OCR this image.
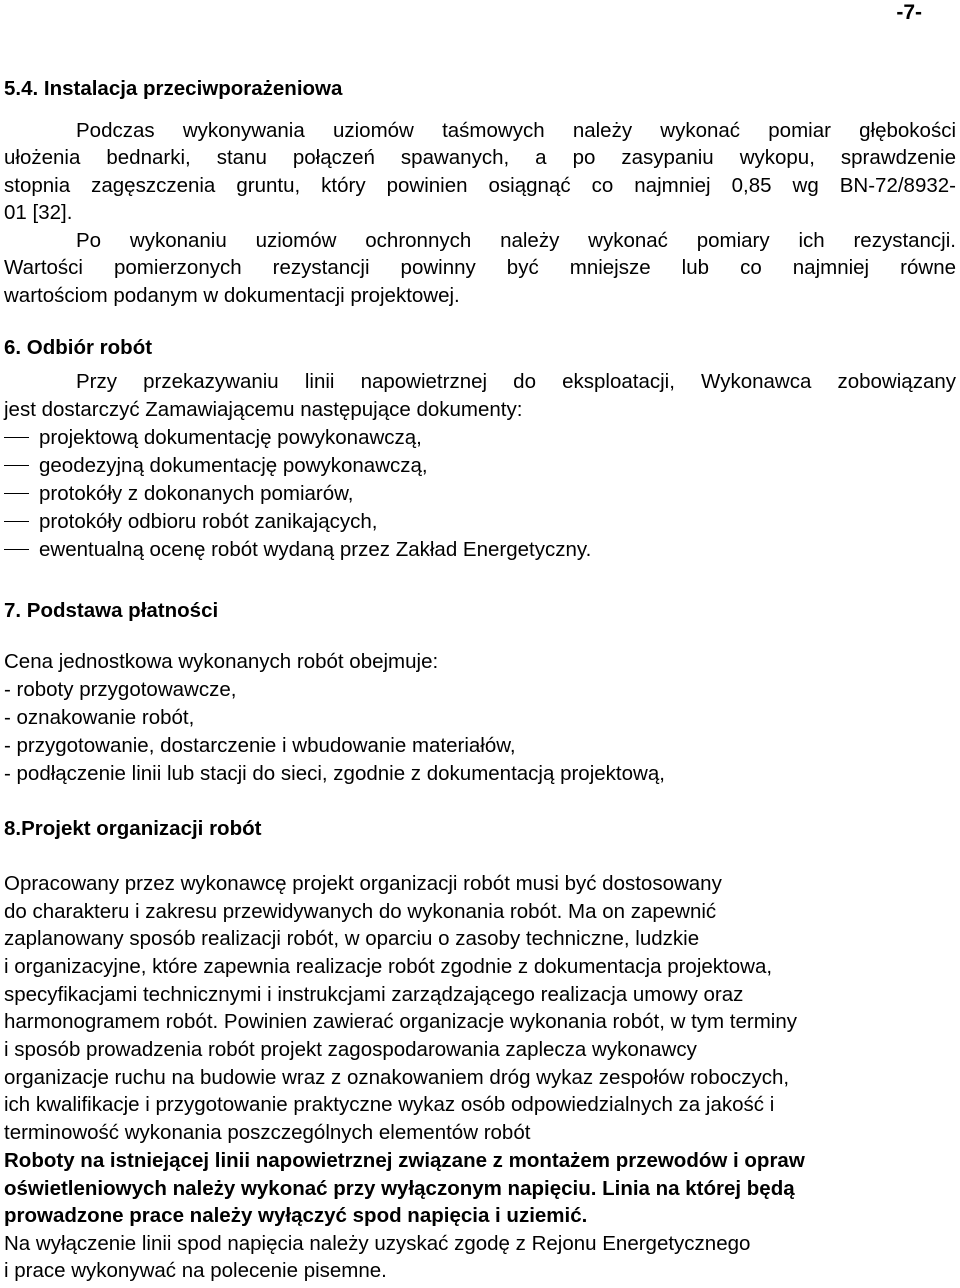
-7-
5.4. Instalacja przeciwporażeniowa
Podczas wykonywania uziomów taśmowych należy wykonać pomiar głębokości
ułożenia bednarki, stanu połączeń spawanych, a po zasypaniu wykopu, sprawdzenie
stopnia zagęszczenia gruntu, który powinien osiągnąć co najmniej 0,85 wg BN-72/8932-
01 [32].
Po wykonaniu uziomów ochronnych należy wykonać pomiary ich rezystancji.
Wartości pomierzonych rezystancji powinny być mniejsze lub co najmniej równe
wartościom podanym w dokumentacji projektowej.
6. Odbiór robót
Przy przekazywaniu linii napowietrznej do eksploatacji, Wykonawca zobowiązany
jest dostarczyć Zamawiającemu następujące dokumenty:
projektową dokumentację powykonawczą,
geodezyjną dokumentację powykonawczą,
protokóły z dokonanych pomiarów,
protokóły odbioru robót zanikających,
ewentualną ocenę robót wydaną przez Zakład Energetyczny.
7. Podstawa płatności
Cena jednostkowa wykonanych robót obejmuje:
- roboty przygotowawcze,
- oznakowanie robót,
- przygotowanie, dostarczenie i wbudowanie materiałów,
- podłączenie linii lub stacji do sieci, zgodnie z dokumentacją projektową,
8.Projekt organizacji robót
Opracowany przez wykonawcę projekt organizacji robót musi być dostosowany
do charakteru i zakresu przewidywanych do wykonania robót. Ma on zapewnić
zaplanowany sposób realizacji robót, w oparciu o zasoby techniczne, ludzkie
i organizacyjne, które zapewnia realizacje robót zgodnie z dokumentacja projektowa,
specyfikacjami technicznymi i instrukcjami zarządzającego realizacja umowy oraz
harmonogramem robót. Powinien zawierać organizacje wykonania robót, w tym terminy
i sposób prowadzenia robót projekt zagospodarowania zaplecza wykonawcy
organizacje ruchu na budowie wraz z oznakowaniem dróg wykaz zespołów roboczych,
ich kwalifikacje i przygotowanie praktyczne wykaz osób odpowiedzialnych za jakość i
terminowość wykonania poszczególnych elementów robót
Roboty na istniejącej linii napowietrznej związane z montażem przewodów i opraw
oświetleniowych należy wykonać przy wyłączonym napięciu. Linia na której będą
prowadzone prace należy wyłączyć spod napięcia i uziemić.
Na wyłączenie linii spod napięcia należy uzyskać zgodę z Rejonu Energetycznego
i prace wykonywać na polecenie pisemne.
